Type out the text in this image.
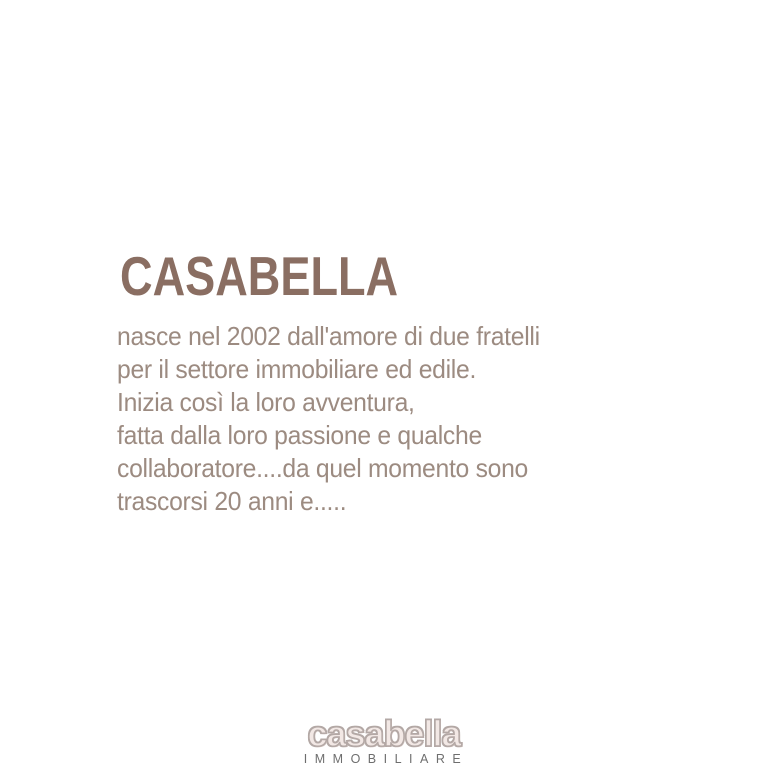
CASABELLA
nasce nel 2002 dall'amore di due fratelli
per il settore immobiliare ed edile.
Inizia così la loro avventura,
fatta dalla loro passione e qualche
collaboratore....da quel momento sono
trascorsi 20 anni e.....
casabella
IMMOBILIARE
